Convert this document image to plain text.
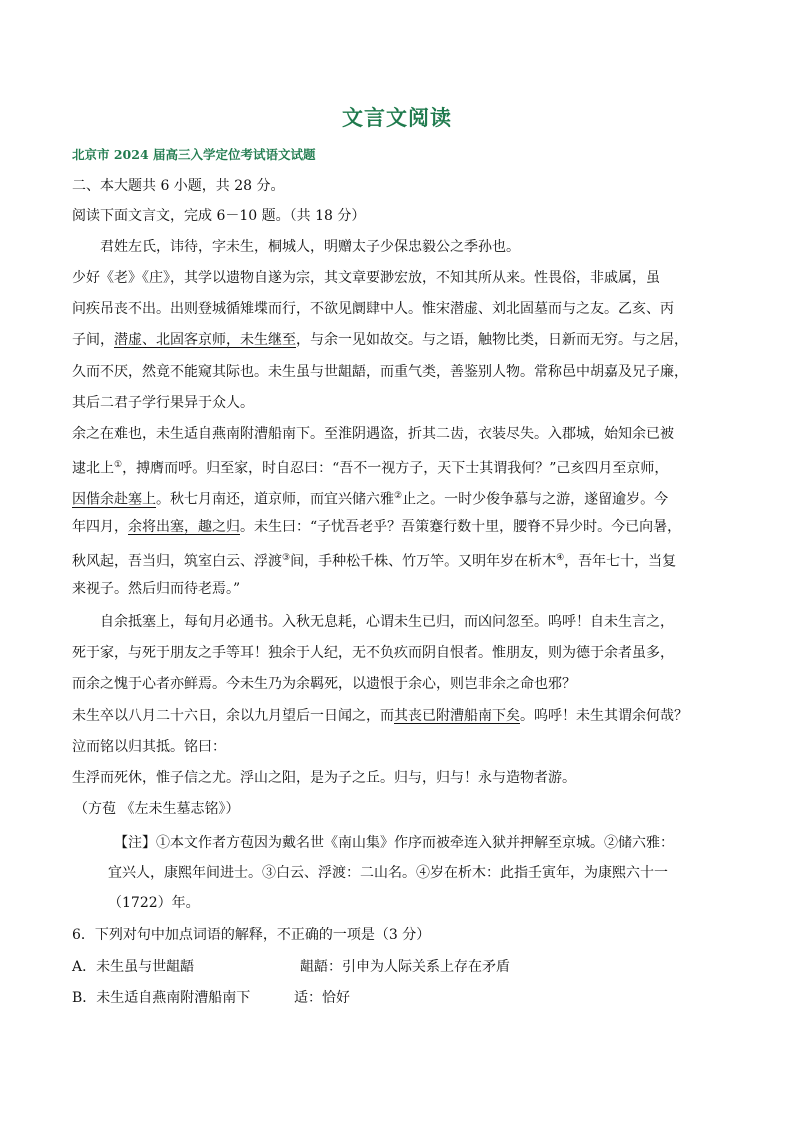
文言文阅读
北京市 2024 届高三入学定位考试语文试题
二、本大题共 6 小题，共 28 分。
阅读下面文言文，完成 6－10 题。（共 18 分）
君姓左氏，讳待，字未生，桐城人，明赠太子少保忠毅公之季孙也。
少好《老》《庄》，其学以遗物自遂为宗，其文章要渺宏放，不知其所从来。性畏俗，非戚属，虽
问疾吊丧不出。出则登城循雉堞而行，不欲见阛肆中人。惟宋潜虚、刘北固墓而与之友。乙亥、丙
子间，潜虚、北固客京师，未生继至，与余一见如故交。与之语，触物比类，日新而无穷。与之居，
久而不厌，然竟不能窥其际也。未生虽与世龃龉，而重气类，善鉴别人物。常称邑中胡嘉及兄子廉，
其后二君子学行果异于众人。
余之在难也，未生适自燕南附漕船南下。至淮阴遇盗，折其二齿，衣装尽失。入郡城，始知余已被
逮北上①，搏膺而呼。归至家，时自忍曰：“吾不一视方子，天下士其谓我何？”己亥四月至京师，
因偕余赴塞上。秋七月南还，道京师，而宜兴储六雅②止之。一时少俊争慕与之游，遂留逾岁。今
年四月，余将出塞，趣之归。未生曰：“子忧吾老乎？吾策蹇行数十里，腰脊不异少时。今已向暑，
秋风起，吾当归，筑室白云、浮渡③间，手种松千株、竹万竿。又明年岁在析木④，吾年七十，当复
来视子。然后归而待老焉。”
自余抵塞上，每旬月必通书。入秋无息耗，心谓未生已归，而凶问忽至。呜呼！自未生言之，
死于家，与死于朋友之手等耳！独余于人纪，无不负疚而阴自恨者。惟朋友，则为德于余者虽多，
而余之愧于心者亦鲜焉。今未生乃为余羁死，以遗恨于余心，则岂非余之命也邪？
未生卒以八月二十六日，余以九月望后一日闻之，而其丧已附漕船南下矣。呜呼！未生其谓余何哉？
泣而铭以归其抵。铭曰：
生浮而死休，惟子信之尤。浮山之阳，是为子之丘。归与，归与！永与造物者游。
（方苞 《左未生墓志铭》）
【注】①本文作者方苞因为戴名世《南山集》作序而被牵连入狱并押解至京城。②储六雅：
宜兴人，康熙年间进士。③白云、浮渡：二山名。④岁在析木：此指壬寅年，为康熙六十一
（1722）年。
6．下列对句中加点词语的解释，不正确的一项是（3 分）
A．未生虽与世龃龉	龃龉：引申为人际关系上存在矛盾
B．未生适自燕南附漕船南下	适：恰好
